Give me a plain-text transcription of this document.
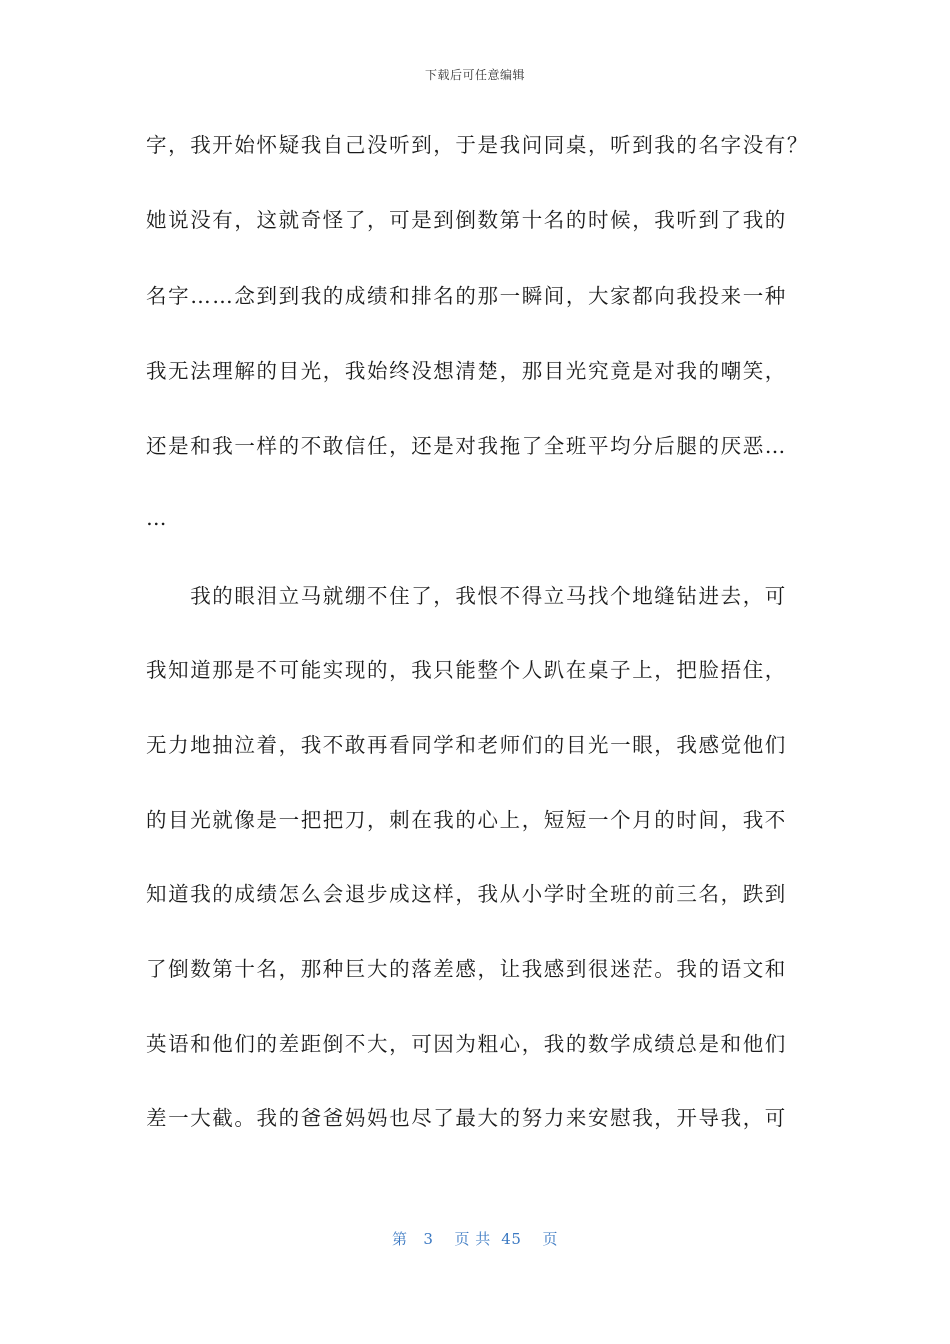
下载后可任意编辑
字，我开始怀疑我自己没听到，于是我问同桌，听到我的名字没有？
她说没有，这就奇怪了，可是到倒数第十名的时候，我听到了我的
名字……念到到我的成绩和排名的那一瞬间，大家都向我投来一种
我无法理解的目光，我始终没想清楚，那目光究竟是对我的嘲笑，
还是和我一样的不敢信任，还是对我拖了全班平均分后腿的厌恶…
…
　　我的眼泪立马就绷不住了，我恨不得立马找个地缝钻进去，可
我知道那是不可能实现的，我只能整个人趴在桌子上，把脸捂住，
无力地抽泣着，我不敢再看同学和老师们的目光一眼，我感觉他们
的目光就像是一把把刀，刺在我的心上，短短一个月的时间，我不
知道我的成绩怎么会退步成这样，我从小学时全班的前三名，跌到
了倒数第十名，那种巨大的落差感，让我感到很迷茫。我的语文和
英语和他们的差距倒不大，可因为粗心，我的数学成绩总是和他们
差一大截。我的爸爸妈妈也尽了最大的努力来安慰我，开导我，可
第 3 页 共 45 页
